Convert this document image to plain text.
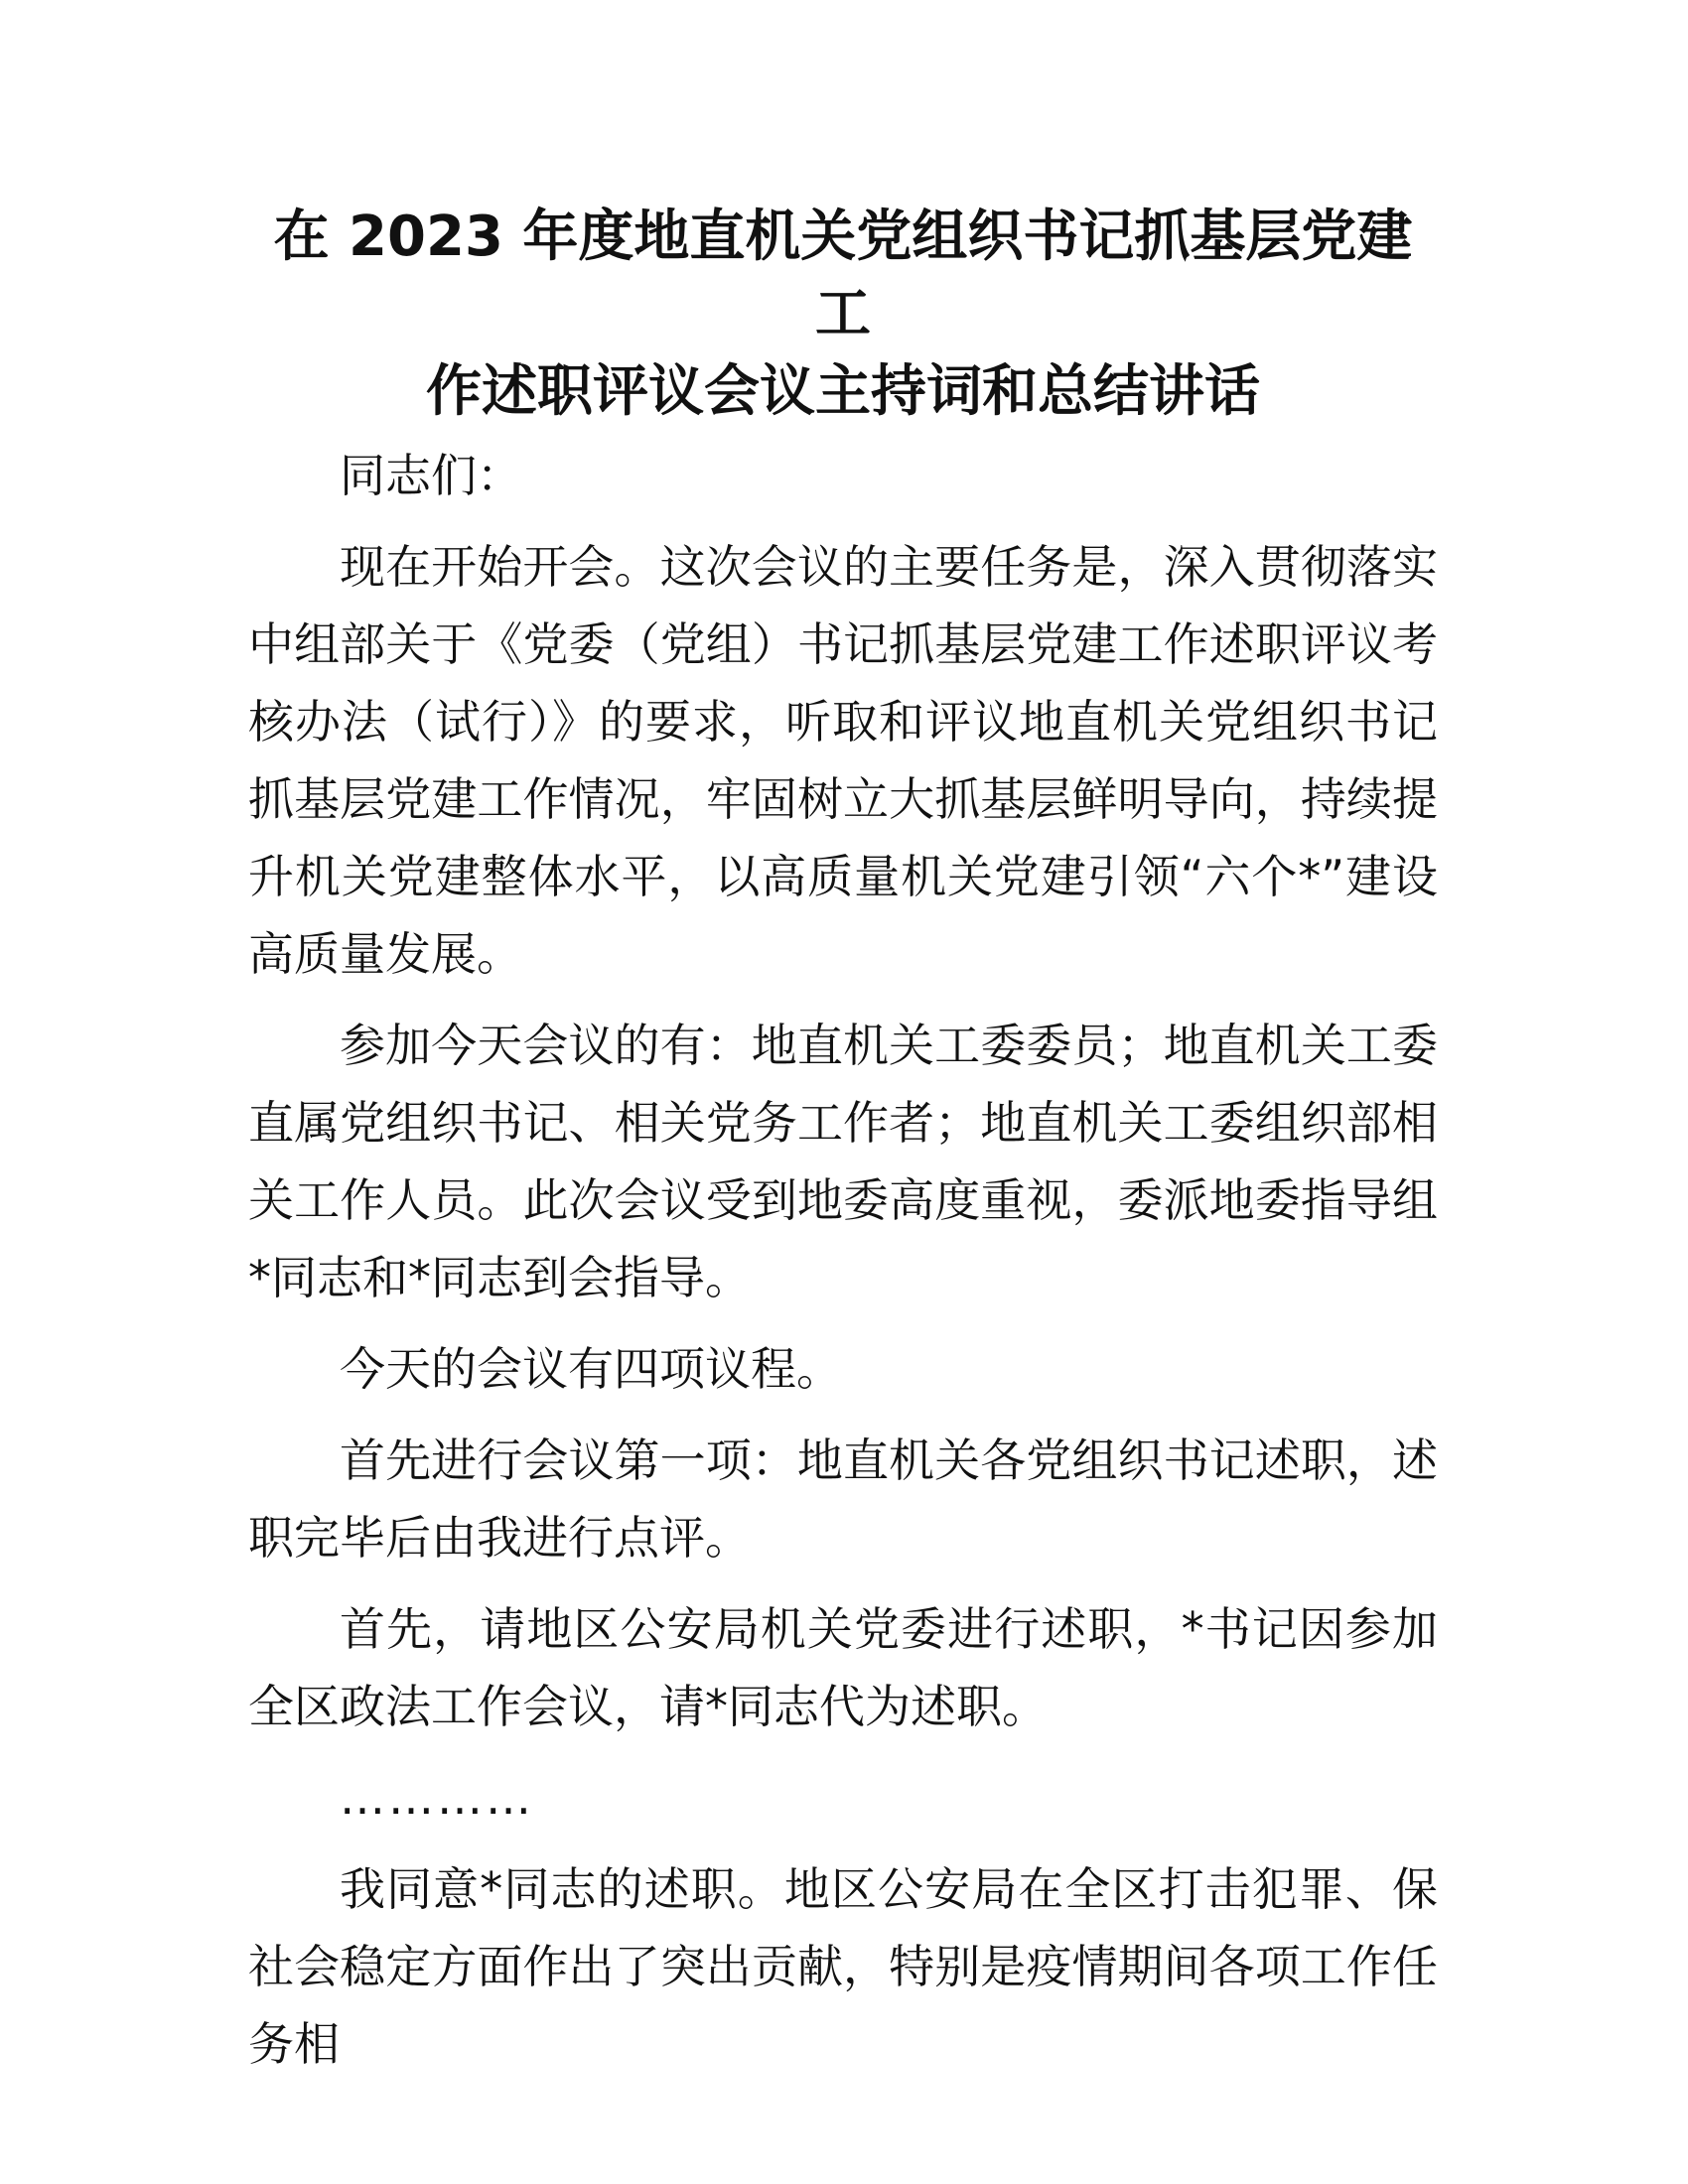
在 2023 年度地直机关党组织书记抓基层党建工
作述职评议会议主持词和总结讲话

同志们：

现在开始开会。这次会议的主要任务是，深入贯彻落实中组部关于《党委（党组）书记抓基层党建工作述职评议考核办法（试行）》的要求，听取和评议地直机关党组织书记抓基层党建工作情况，牢固树立大抓基层鲜明导向，持续提升机关党建整体水平，以高质量机关党建引领“六个*”建设高质量发展。

参加今天会议的有：地直机关工委委员；地直机关工委直属党组织书记、相关党务工作者；地直机关工委组织部相关工作人员。此次会议受到地委高度重视，委派地委指导组*同志和*同志到会指导。

今天的会议有四项议程。

首先进行会议第一项：地直机关各党组织书记述职，述职完毕后由我进行点评。

首先，请地区公安局机关党委进行述职，*书记因参加全区政法工作会议，请*同志代为述职。

…………

我同意*同志的述职。地区公安局在全区打击犯罪、保社会稳定方面作出了突出贡献，特别是疫情期间各项工作任务相
